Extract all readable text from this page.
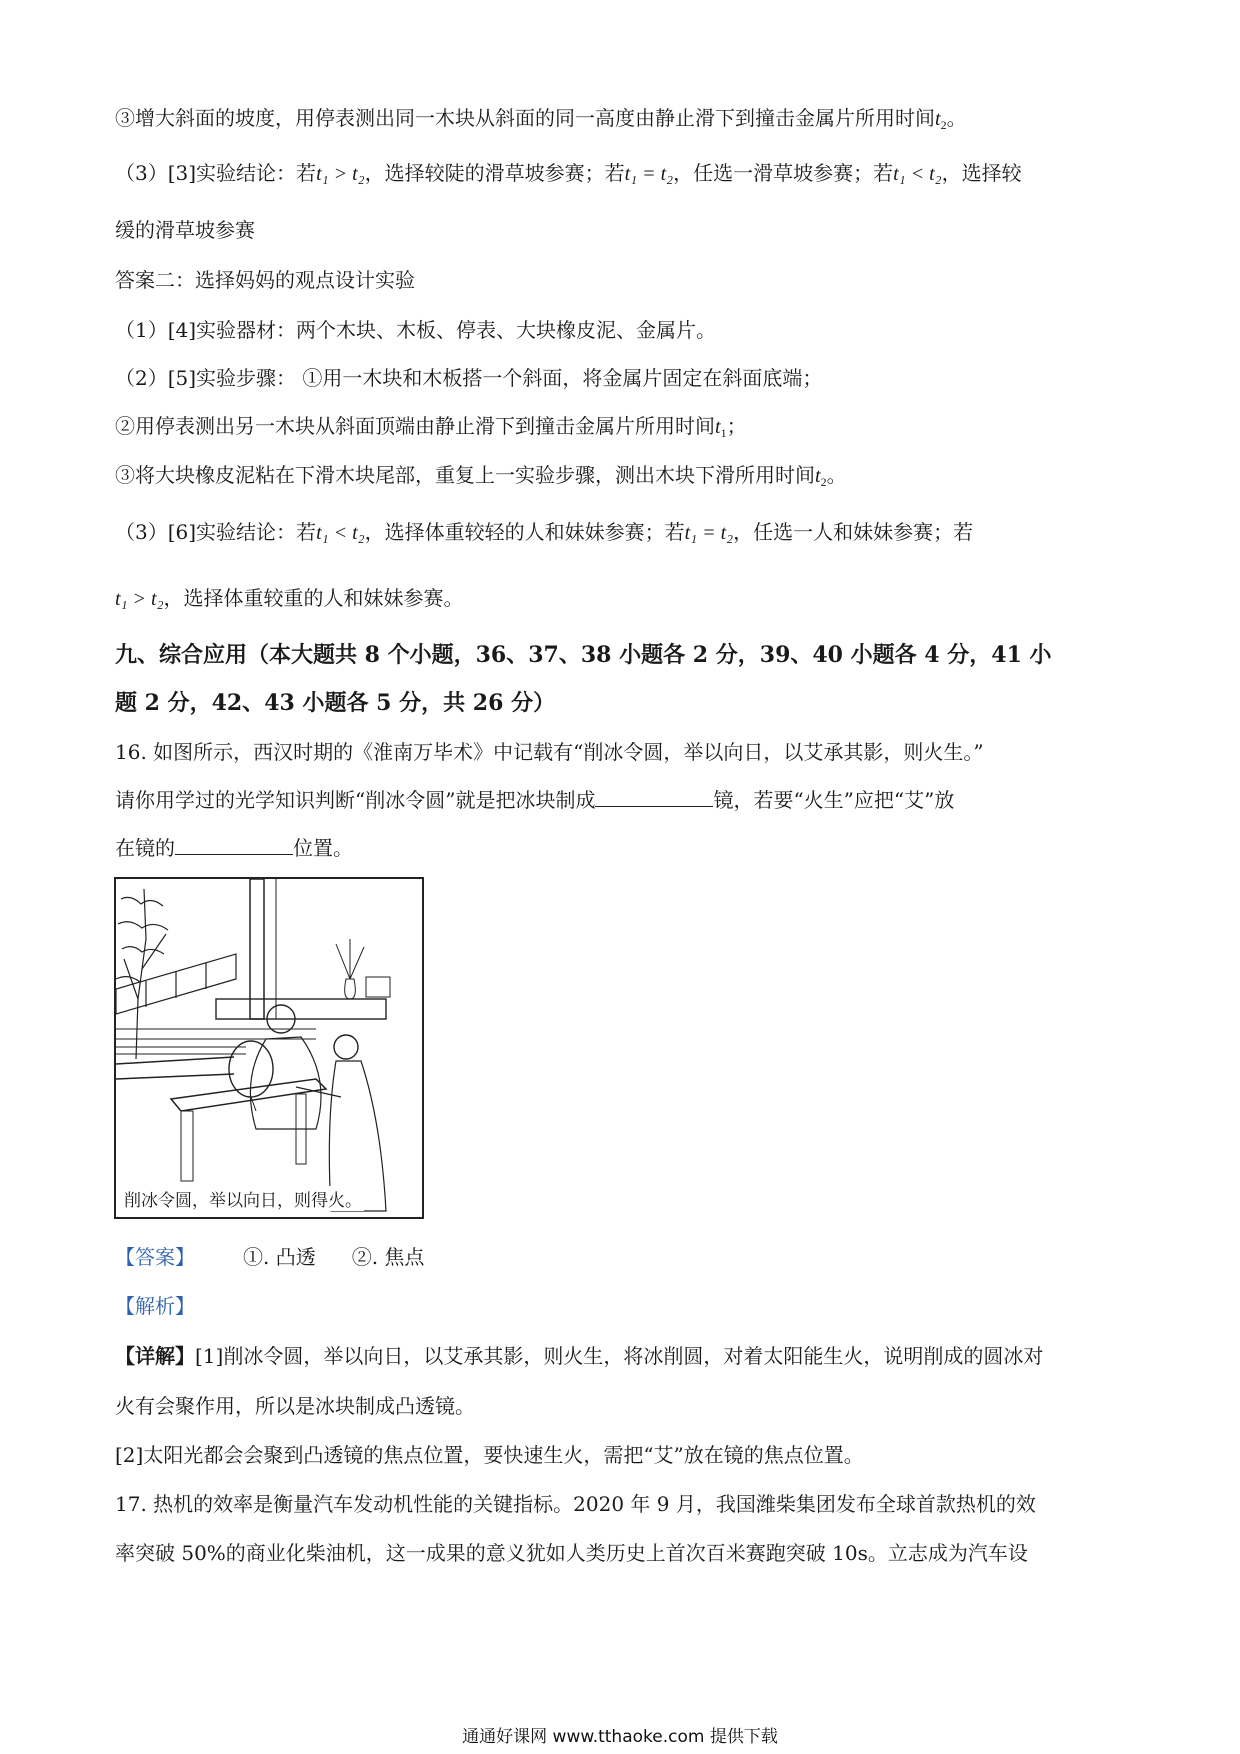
③增大斜面的坡度，用停表测出同一木块从斜面的同一高度由静止滑下到撞击金属片所用时间$t_2$。
（3）[3]实验结论：若t₁ > t₂，选择较陡的滑草坡参赛；若t₁ = t₂，任选一滑草坡参赛；若t₁ < t₂，选择较
缓的滑草坡参赛
答案二：选择妈妈的观点设计实验
（1）[4]实验器材：两个木块、木板、停表、大块橡皮泥、金属片。
（2）[5]实验步骤： ①用一木块和木板搭一个斜面，将金属片固定在斜面底端；
②用停表测出另一木块从斜面顶端由静止滑下到撞击金属片所用时间$t_1$；
③将大块橡皮泥粘在下滑木块尾部，重复上一实验步骤，测出木块下滑所用时间$t_2$。
（3）[6]实验结论：若t₁ < t₂，选择体重较轻的人和妹妹参赛；若t₁ = t₂，任选一人和妹妹参赛；若
t₁ > t₂，选择体重较重的人和妹妹参赛。
九、综合应用（本大题共 8 个小题，36、37、38 小题各 2 分，39、40 小题各 4 分，41 小
题 2 分，42、43 小题各 5 分，共 26 分）
16. 如图所示，西汉时期的《淮南万毕术》中记载有“削冰令圆，举以向日，以艾承其影，则火生。”
请你用学过的光学知识判断“削冰令圆”就是把冰块制成	镜，若要“火生”应把“艾”放
在镜的	位置。
削冰令圆，举以向日，则得火。
【答案】 ①. 凸透 ②. 焦点
【解析】
【详解】[1]削冰令圆，举以向日，以艾承其影，则火生，将冰削圆，对着太阳能生火，说明削成的圆冰对
火有会聚作用，所以是冰块制成凸透镜。
[2]太阳光都会会聚到凸透镜的焦点位置，要快速生火，需把“艾”放在镜的焦点位置。
17. 热机的效率是衡量汽车发动机性能的关键指标。2020 年 9 月，我国潍柴集团发布全球首款热机的效
率突破 50%的商业化柴油机，这一成果的意义犹如人类历史上首次百米赛跑突破 10s。立志成为汽车设
通通好课网 www.tthaoke.com 提供下载
